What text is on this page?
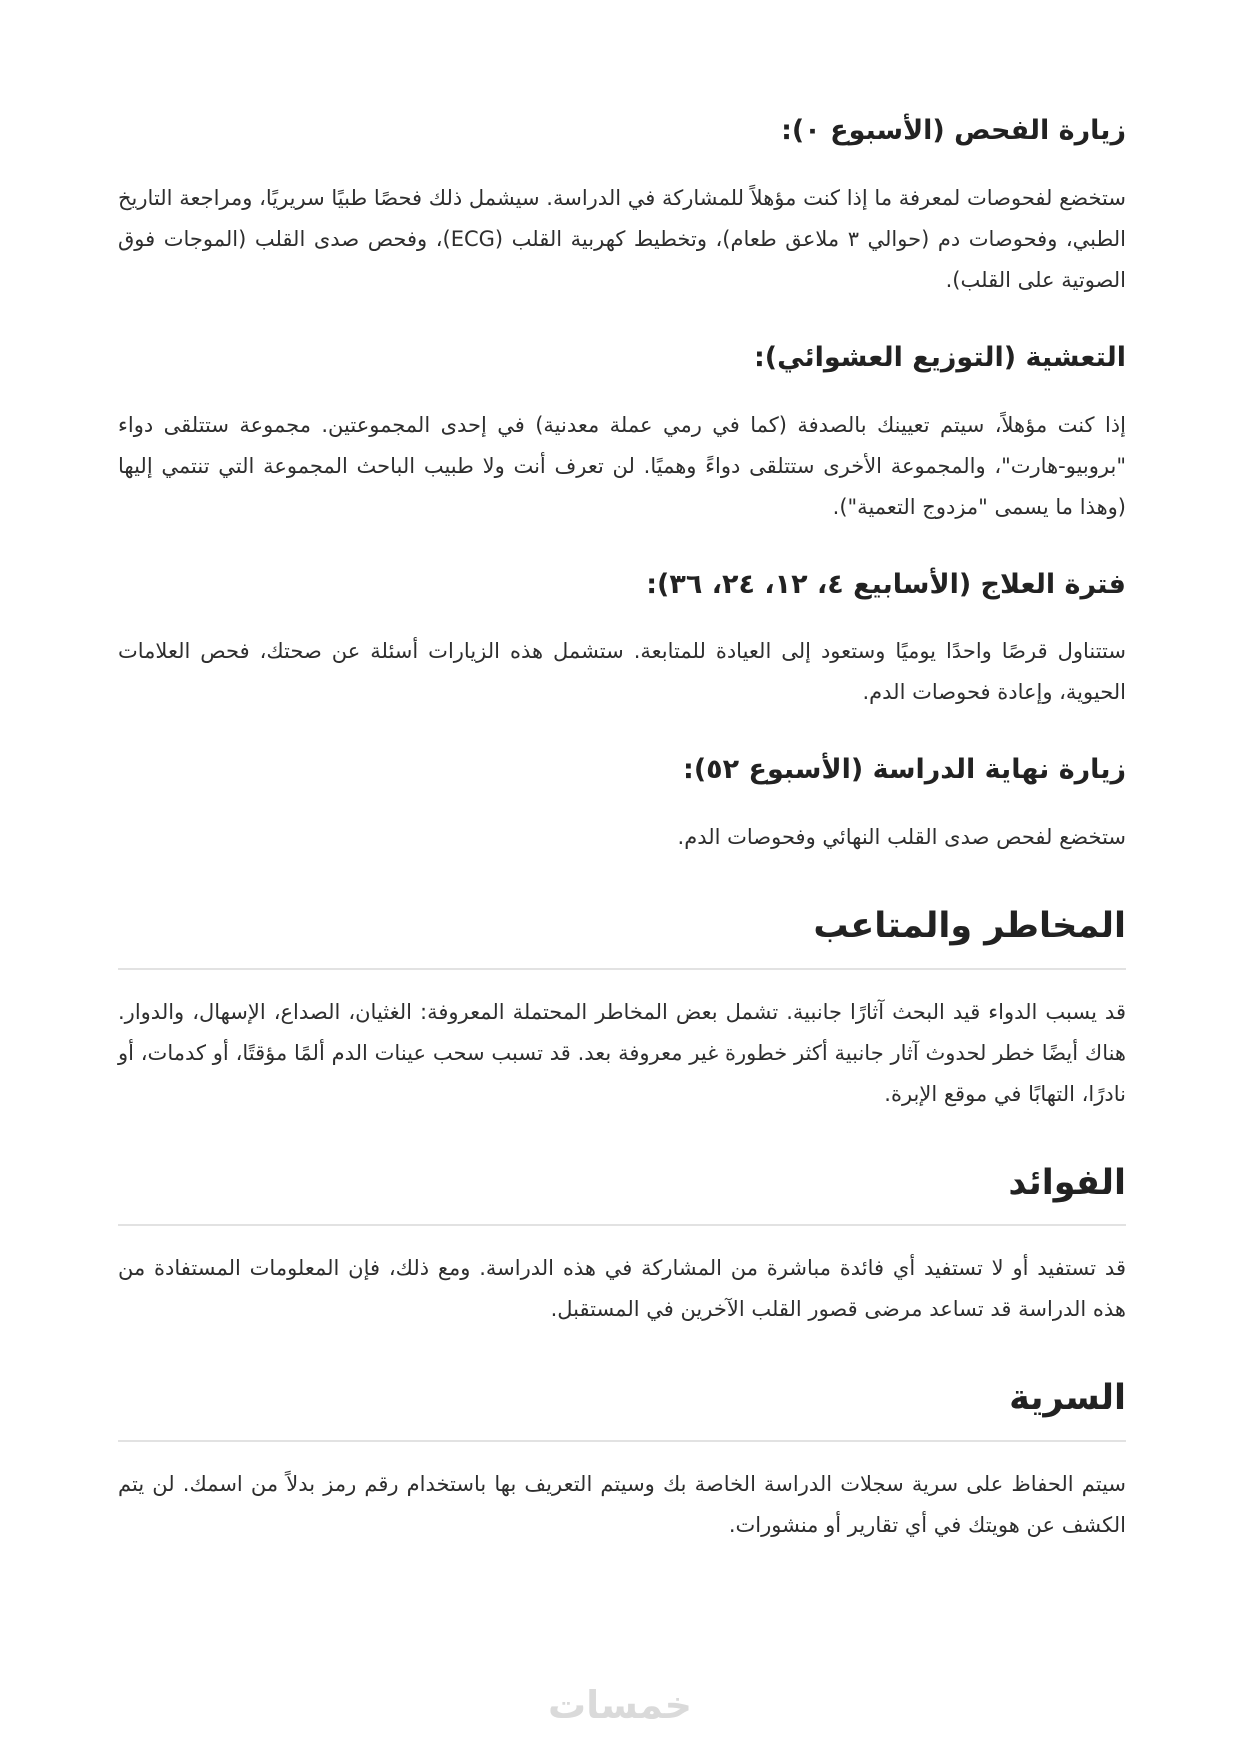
زيارة الفحص (الأسبوع ٠):

ستخضع لفحوصات لمعرفة ما إذا كنت مؤهلاً للمشاركة في الدراسة. سيشمل ذلك فحصًا طبيًا سريريًا، ومراجعة التاريخ الطبي، وفحوصات دم (حوالي ٣ ملاعق طعام)، وتخطيط كهربية القلب (ECG)، وفحص صدى القلب (الموجات فوق الصوتية على القلب).

التعشية (التوزيع العشوائي):

إذا كنت مؤهلاً، سيتم تعيينك بالصدفة (كما في رمي عملة معدنية) في إحدى المجموعتين. مجموعة ستتلقى دواء "بروبيو-هارت"، والمجموعة الأخرى ستتلقى دواءً وهميًا. لن تعرف أنت ولا طبيب الباحث المجموعة التي تنتمي إليها (وهذا ما يسمى "مزدوج التعمية").

فترة العلاج (الأسابيع ٤، ١٢، ٢٤، ٣٦):

ستتناول قرصًا واحدًا يوميًا وستعود إلى العيادة للمتابعة. ستشمل هذه الزيارات أسئلة عن صحتك، فحص العلامات الحيوية، وإعادة فحوصات الدم.

زيارة نهاية الدراسة (الأسبوع ٥٢):

ستخضع لفحص صدى القلب النهائي وفحوصات الدم.

المخاطر والمتاعب

قد يسبب الدواء قيد البحث آثارًا جانبية. تشمل بعض المخاطر المحتملة المعروفة: الغثيان، الصداع، الإسهال، والدوار. هناك أيضًا خطر لحدوث آثار جانبية أكثر خطورة غير معروفة بعد. قد تسبب سحب عينات الدم ألمًا مؤقتًا، أو كدمات، أو نادرًا، التهابًا في موقع الإبرة.

الفوائد

قد تستفيد أو لا تستفيد أي فائدة مباشرة من المشاركة في هذه الدراسة. ومع ذلك، فإن المعلومات المستفادة من هذه الدراسة قد تساعد مرضى قصور القلب الآخرين في المستقبل.

السرية

سيتم الحفاظ على سرية سجلات الدراسة الخاصة بك وسيتم التعريف بها باستخدام رقم رمز بدلاً من اسمك. لن يتم الكشف عن هويتك في أي تقارير أو منشورات.

خمسات
